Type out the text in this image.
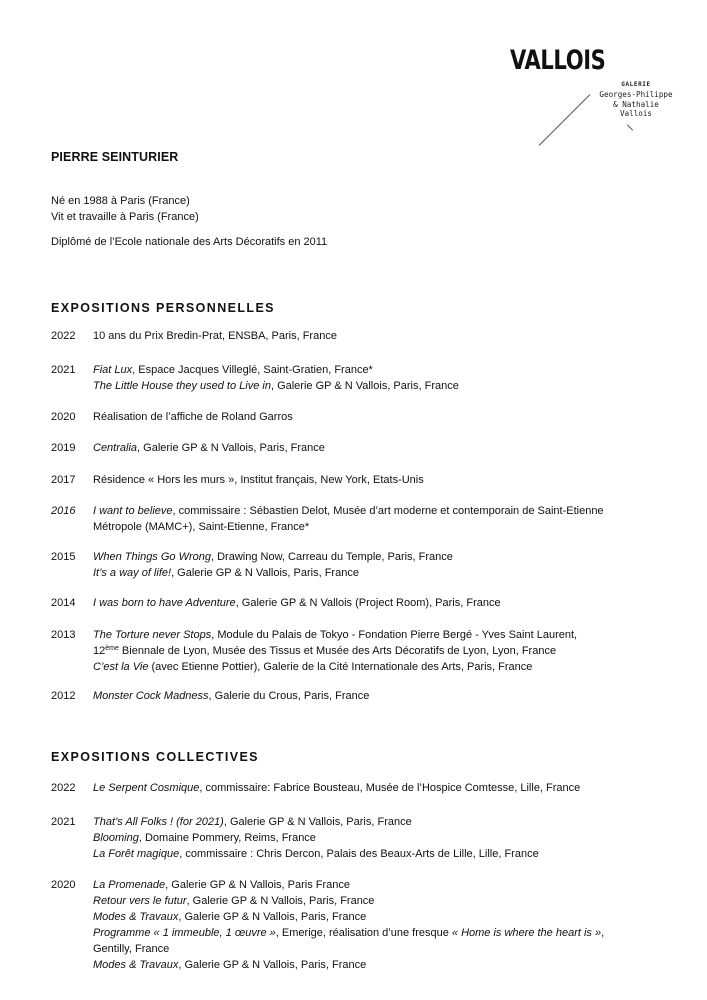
VALLOIS
GALERIE
Georges-Philippe
& Nathalie
Vallois
PIERRE SEINTURIER
Né en 1988 à Paris (France)
Vit et travaille à Paris (France)
Diplômé de l’Ecole nationale des Arts Décoratifs en 2011
EXPOSITIONS PERSONNELLES
2022	10 ans du Prix Bredin-Prat, ENSBA, Paris, France
2021	Fiat Lux, Espace Jacques Villeglé, Saint-Gratien, France*
The Little House they used to Live in, Galerie GP & N Vallois, Paris, France
2020	Réalisation de l’affiche de Roland Garros
2019	Centralia, Galerie GP & N Vallois, Paris, France
2017	Résidence « Hors les murs », Institut français, New York, Etats-Unis
2016	I want to believe, commissaire : Sébastien Delot, Musée d’art moderne et contemporain de Saint-Etienne
Métropole (MAMC+), Saint-Etienne, France*
2015	When Things Go Wrong, Drawing Now, Carreau du Temple, Paris, France
It’s a way of life!, Galerie GP & N Vallois, Paris, France
2014	I was born to have Adventure, Galerie GP & N Vallois (Project Room), Paris, France
2013	The Torture never Stops, Module du Palais de Tokyo - Fondation Pierre Bergé - Yves Saint Laurent,
12ème Biennale de Lyon, Musée des Tissus et Musée des Arts Décoratifs de Lyon, Lyon, France
C’est la Vie (avec Etienne Pottier), Galerie de la Cité Internationale des Arts, Paris, France
2012	Monster Cock Madness, Galerie du Crous, Paris, France
EXPOSITIONS COLLECTIVES
2022	Le Serpent Cosmique, commissaire: Fabrice Bousteau, Musée de l’Hospice Comtesse, Lille, France
2021	That’s All Folks ! (for 2021), Galerie GP & N Vallois, Paris, France
Blooming, Domaine Pommery, Reims, France
La Forêt magique, commissaire : Chris Dercon, Palais des Beaux-Arts de Lille, Lille, France
2020	La Promenade, Galerie GP & N Vallois, Paris France
Retour vers le futur, Galerie GP & N Vallois, Paris, France
Modes & Travaux, Galerie GP & N Vallois, Paris, France
Programme « 1 immeuble, 1 œuvre », Emerige, réalisation d’une fresque « Home is where the heart is »,
Gentilly, France
Modes & Travaux, Galerie GP & N Vallois, Paris, France
